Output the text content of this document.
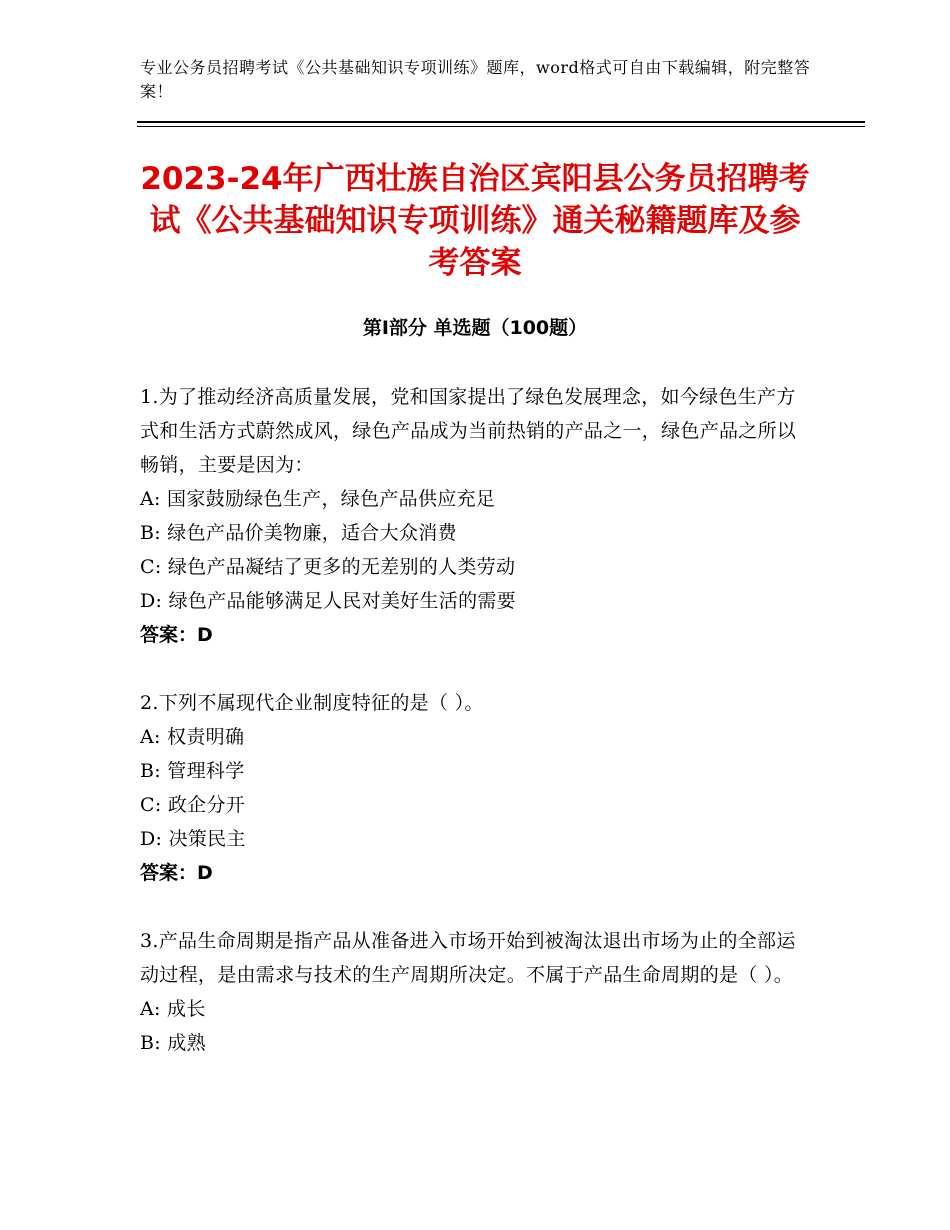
专业公务员招聘考试《公共基础知识专项训练》题库，word格式可自由下载编辑，附完整答案！
2023-24年广西壮族自治区宾阳县公务员招聘考试《公共基础知识专项训练》通关秘籍题库及参考答案
第Ⅰ部分 单选题（100题）

1.为了推动经济高质量发展，党和国家提出了绿色发展理念，如今绿色生产方式和生活方式蔚然成风，绿色产品成为当前热销的产品之一，绿色产品之所以畅销，主要是因为：

A: 国家鼓励绿色生产，绿色产品供应充足

B: 绿色产品价美物廉，适合大众消费

C: 绿色产品凝结了更多的无差别的人类劳动

D: 绿色产品能够满足人民对美好生活的需要

答案：D

2.下列不属现代企业制度特征的是（ ）。

A: 权责明确

B: 管理科学

C: 政企分开

D: 决策民主

答案：D

3.产品生命周期是指产品从准备进入市场开始到被淘汰退出市场为止的全部运动过程，是由需求与技术的生产周期所决定。不属于产品生命周期的是（ ）。

A: 成长

B: 成熟
